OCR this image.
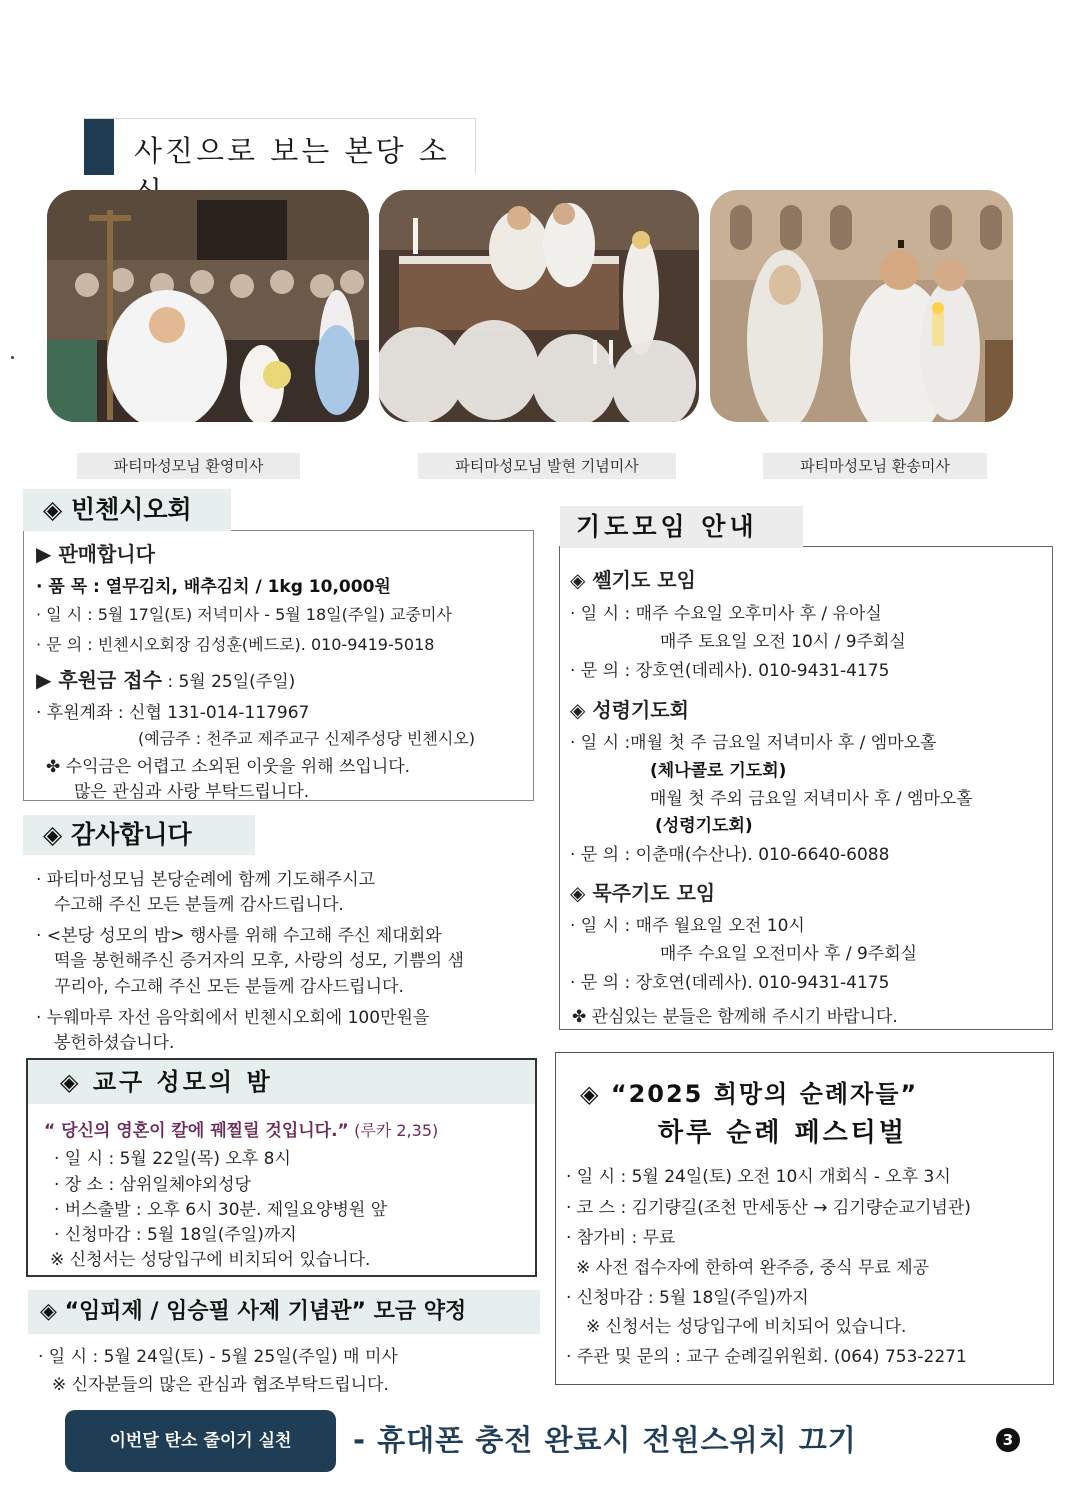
사진으로 보는 본당 소
파티마성모님 환영미사	파티마성모님 발현 기념미사	파티마성모님 환송미사
◈ 빈첸시오회
▶ 판매합니다
· 품 목 : 열무김치, 배추김치 / 1kg 10,000원
· 일 시 : 5월 17일(토) 저녁미사 - 5월 18일(주일) 교중미사
· 문 의 : 빈첸시오회장 김성훈(베드로). 010-9419-5018
▶ 후원금 접수 : 5월 25일(주일)
· 후원계좌 : 신협 131-014-117967
(예금주 : 천주교 제주교구 신제주성당 빈첸시오)
✤ 수익금은 어렵고 소외된 이웃을 위해 쓰입니다.
많은 관심과 사랑 부탁드립니다.
◈ 감사합니다
· 파티마성모님 본당순례에 함께 기도해주시고
수고해 주신 모든 분들께 감사드립니다.
· <본당 성모의 밤> 행사를 위해 수고해 주신 제대회와
떡을 봉헌해주신 증거자의 모후, 사랑의 성모, 기쁨의 샘
꾸리아, 수고해 주신 모든 분들께 감사드립니다.
· 누웨마루 자선 음악회에서 빈첸시오회에 100만원을
봉헌하셨습니다.
◈ 교구 성모의 밤
“ 당신의 영혼이 칼에 꿰찔릴 것입니다.” (루카 2,35)
· 일 시 : 5월 22일(목) 오후 8시
· 장 소 : 삼위일체야외성당
· 버스출발 : 오후 6시 30분. 제일요양병원 앞
· 신청마감 : 5월 18일(주일)까지
※ 신청서는 성당입구에 비치되어 있습니다.
◈ “임피제 / 임승필 사제 기념관” 모금 약정
· 일 시 : 5월 24일(토) - 5월 25일(주일) 매 미사
※ 신자분들의 많은 관심과 협조부탁드립니다.
기도모임 안내
◈ 쎌기도 모임
· 일 시 : 매주 수요일 오후미사 후 / 유아실
매주 토요일 오전 10시 / 9주회실
· 문 의 : 장호연(데레사). 010-9431-4175
◈ 성령기도회
· 일 시 :매월 첫 주 금요일 저녁미사 후 / 엠마오홀
(체나콜로 기도회)
매월 첫 주외 금요일 저녁미사 후 / 엠마오홀
(성령기도회)
· 문 의 : 이춘매(수산나). 010-6640-6088
◈ 묵주기도 모임
· 일 시 : 매주 월요일 오전 10시
매주 수요일 오전미사 후 / 9주회실
· 문 의 : 장호연(데레사). 010-9431-4175
✤ 관심있는 분들은 함께해 주시기 바랍니다.
◈ “2025 희망의 순례자들”
하루 순례 페스티벌
· 일 시 : 5월 24일(토) 오전 10시 개회식 - 오후 3시
· 코 스 : 김기량길(조천 만세동산 → 김기량순교기념관)
· 참가비 : 무료
※ 사전 접수자에 한하여 완주증, 중식 무료 제공
· 신청마감 : 5월 18일(주일)까지
※ 신청서는 성당입구에 비치되어 있습니다.
· 주관 및 문의 : 교구 순례길위원회. (064) 753-2271
이번달 탄소 줄이기 실천	- 휴대폰 충전 완료시 전원스위치 끄기	3
